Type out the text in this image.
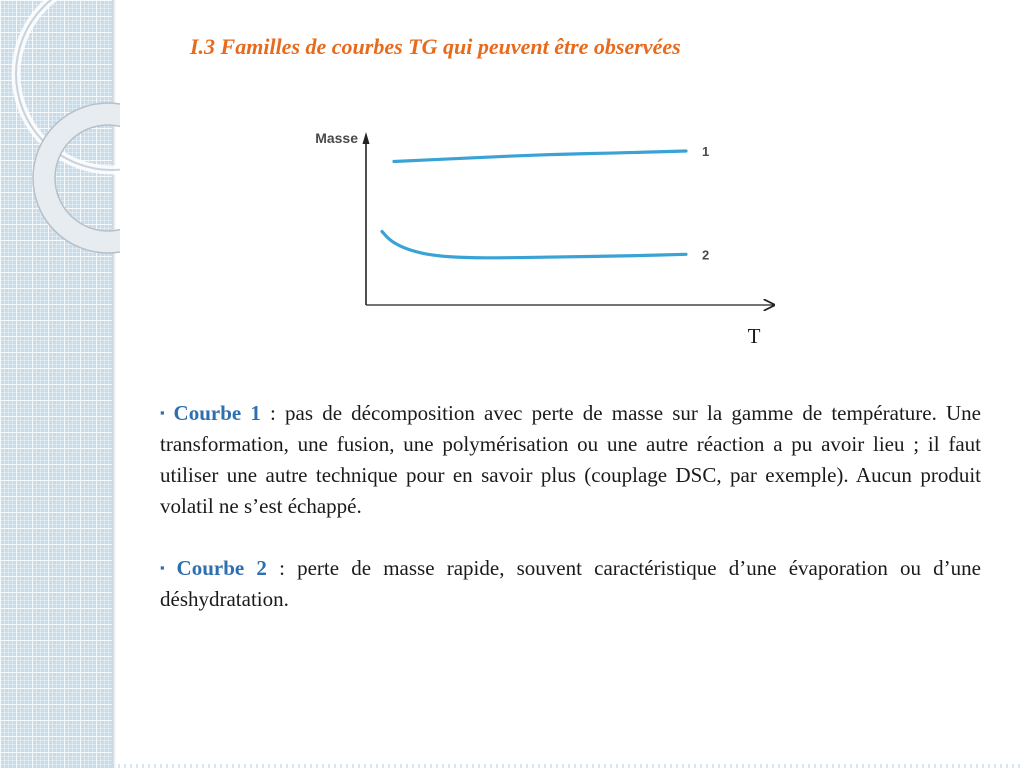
I.3 Familles de courbes TG qui peuvent être observées
1
2
Masse
T

▪ Courbe 1 : pas de décomposition avec perte de masse sur la gamme de température. Une transformation, une fusion, une polymérisation ou une autre réaction a pu avoir lieu ; il faut utiliser une autre technique pour en savoir plus (couplage DSC, par exemple). Aucun produit volatil ne s’est échappé.

▪ Courbe 2 : perte de masse rapide, souvent caractéristique d’une évaporation ou d’une déshydratation.
